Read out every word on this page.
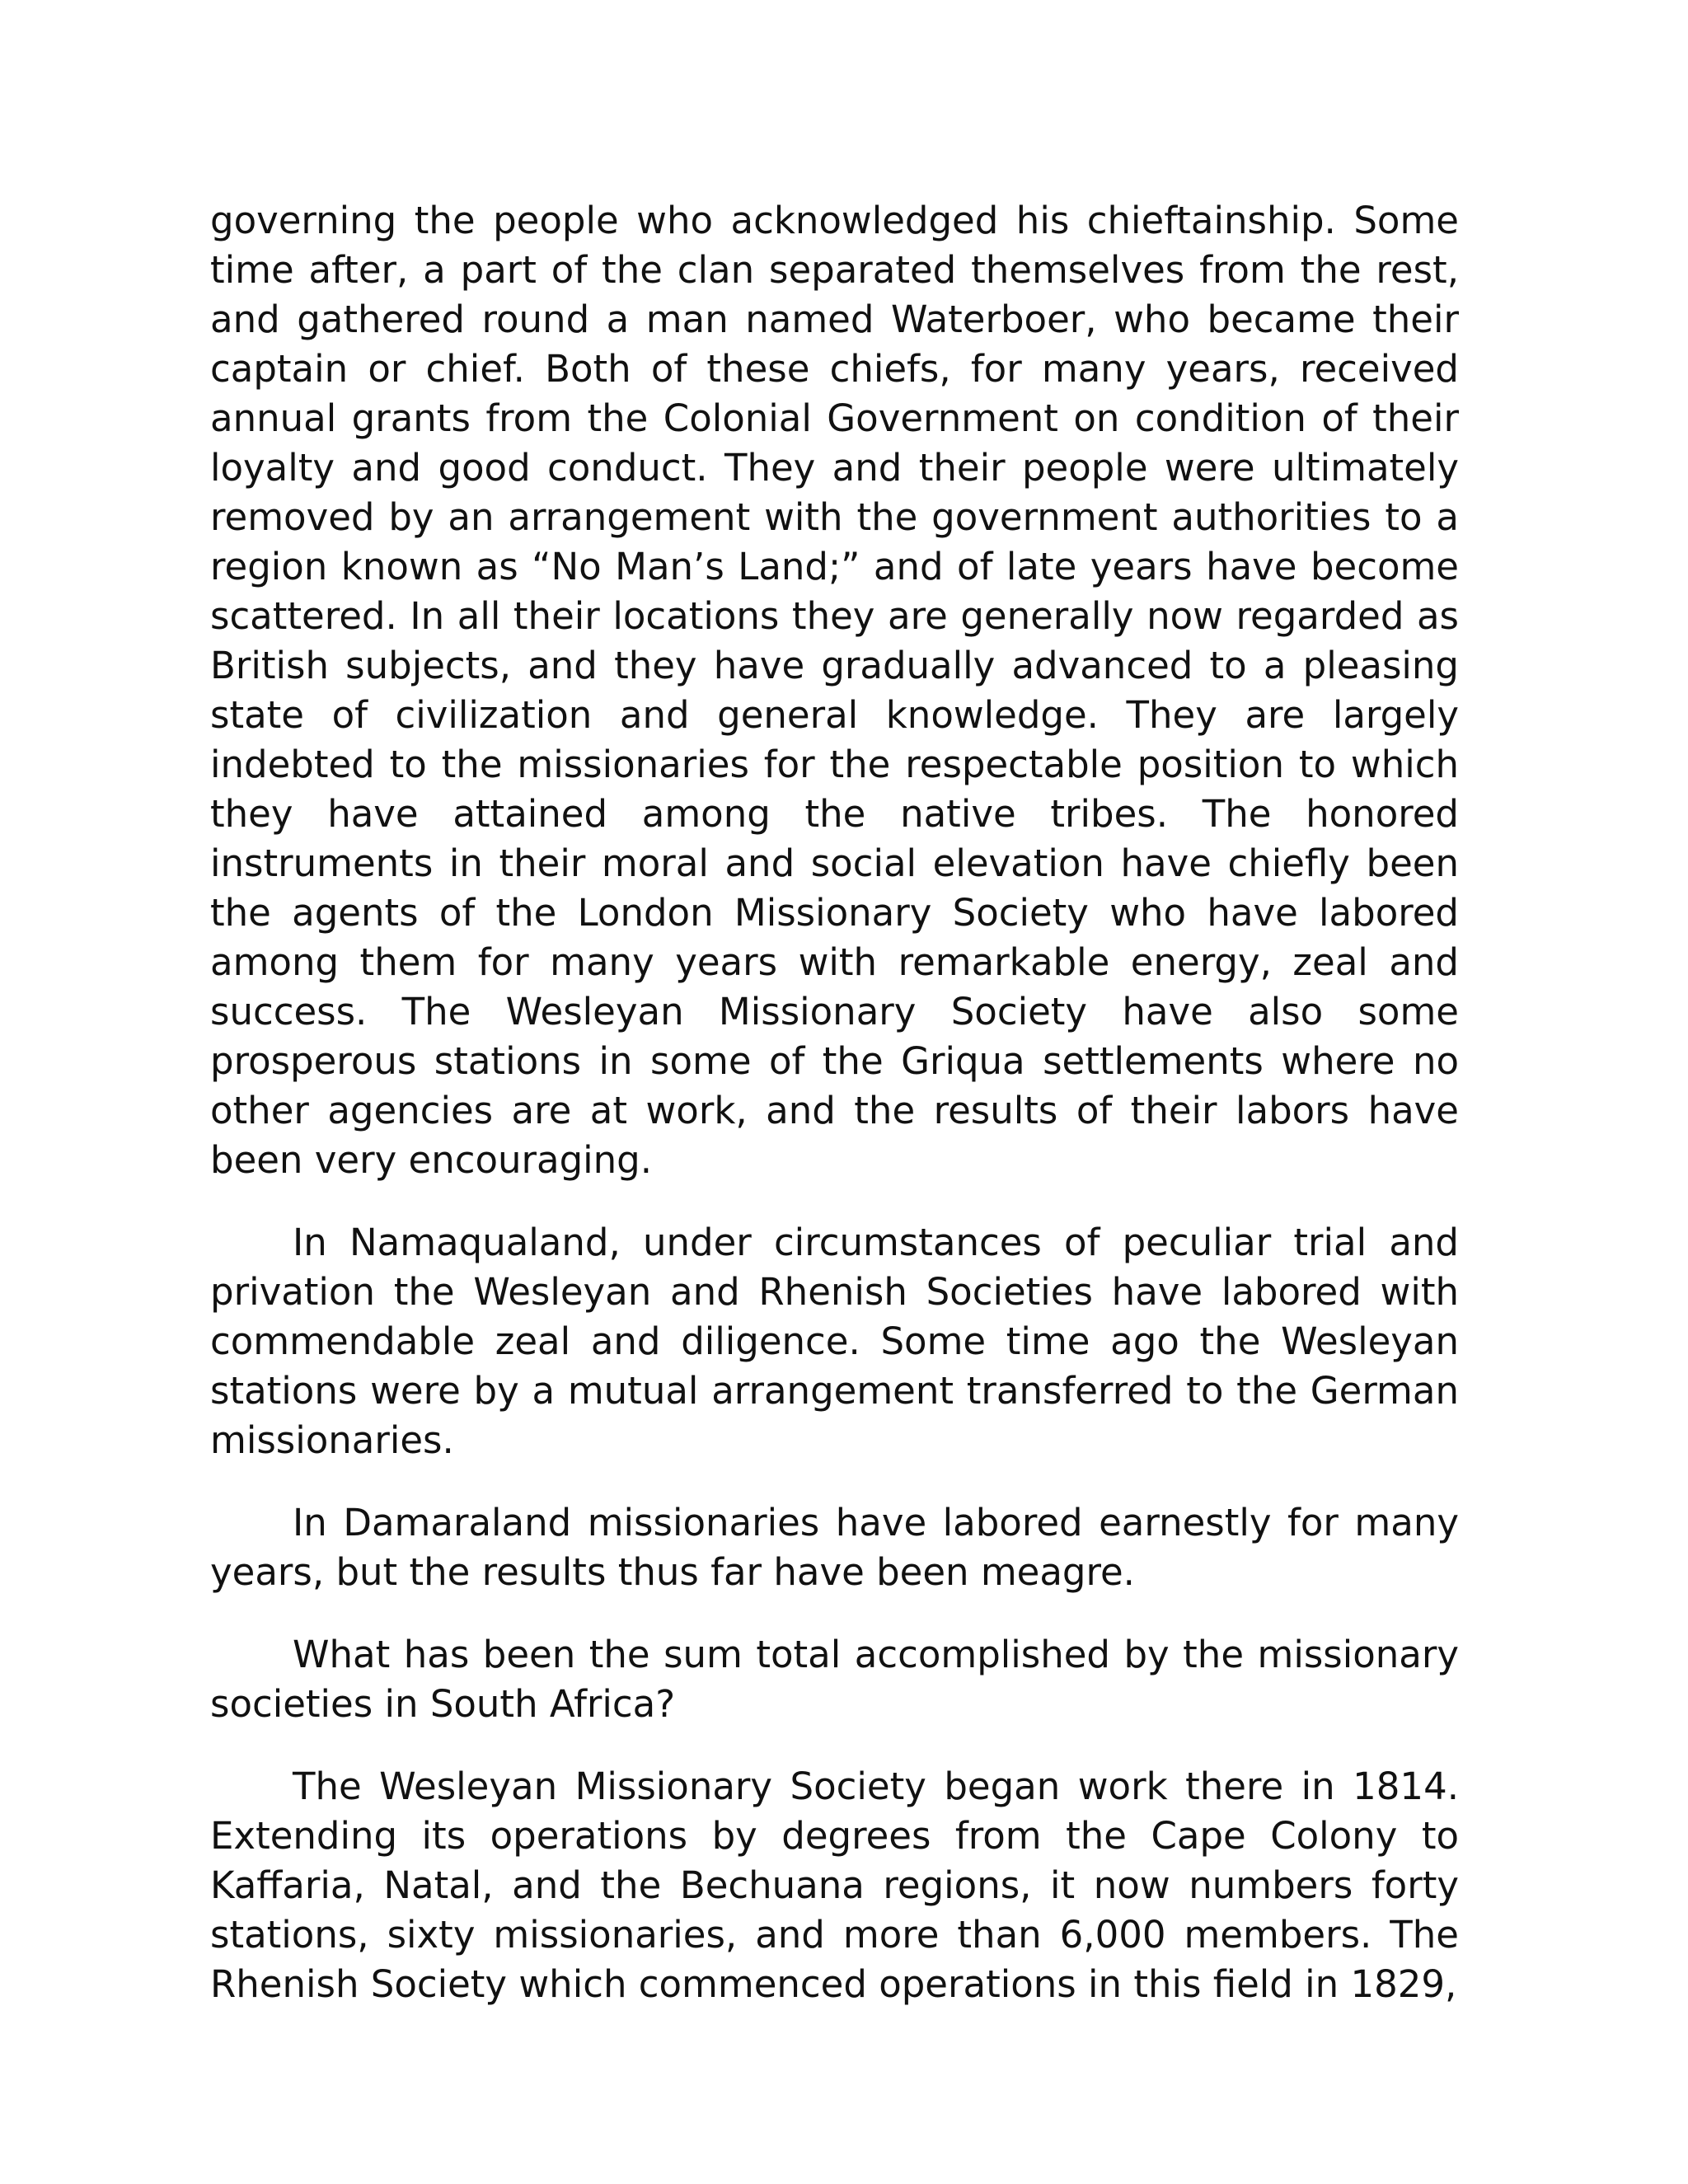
governing the people who acknowledged his chieftainship. Some time after, a part of the clan separated themselves from the rest, and gathered round a man named Waterboer, who became their captain or chief. Both of these chiefs, for many years, received annual grants from the Colonial Government on condition of their loyalty and good conduct. They and their people were ultimately removed by an arrangement with the government authorities to a region known as “No Man’s Land;” and of late years have become scattered. In all their locations they are generally now regarded as British subjects, and they have gradually advanced to a pleasing state of civilization and general knowledge. They are largely indebted to the missionaries for the respectable position to which they have attained among the native tribes. The honored instruments in their moral and social elevation have chiefly been the agents of the London Missionary Society who have labored among them for many years with remarkable energy, zeal and success. The Wesleyan Missionary Society have also some prosperous stations in some of the Griqua settlements where no other agencies are at work, and the results of their labors have been very encouraging.

In Namaqualand, under circumstances of peculiar trial and privation the Wesleyan and Rhenish Societies have labored with commendable zeal and diligence. Some time ago the Wesleyan stations were by a mutual arrangement transferred to the German missionaries.

In Damaraland missionaries have labored earnestly for many years, but the results thus far have been meagre.

What has been the sum total accomplished by the missionary societies in South Africa?

The Wesleyan Missionary Society began work there in 1814. Extending its operations by degrees from the Cape Colony to Kaffaria, Natal, and the Bechuana regions, it now numbers forty stations, sixty missionaries, and more than 6,000 members. The Rhenish Society which commenced operations in this field in 1829,
